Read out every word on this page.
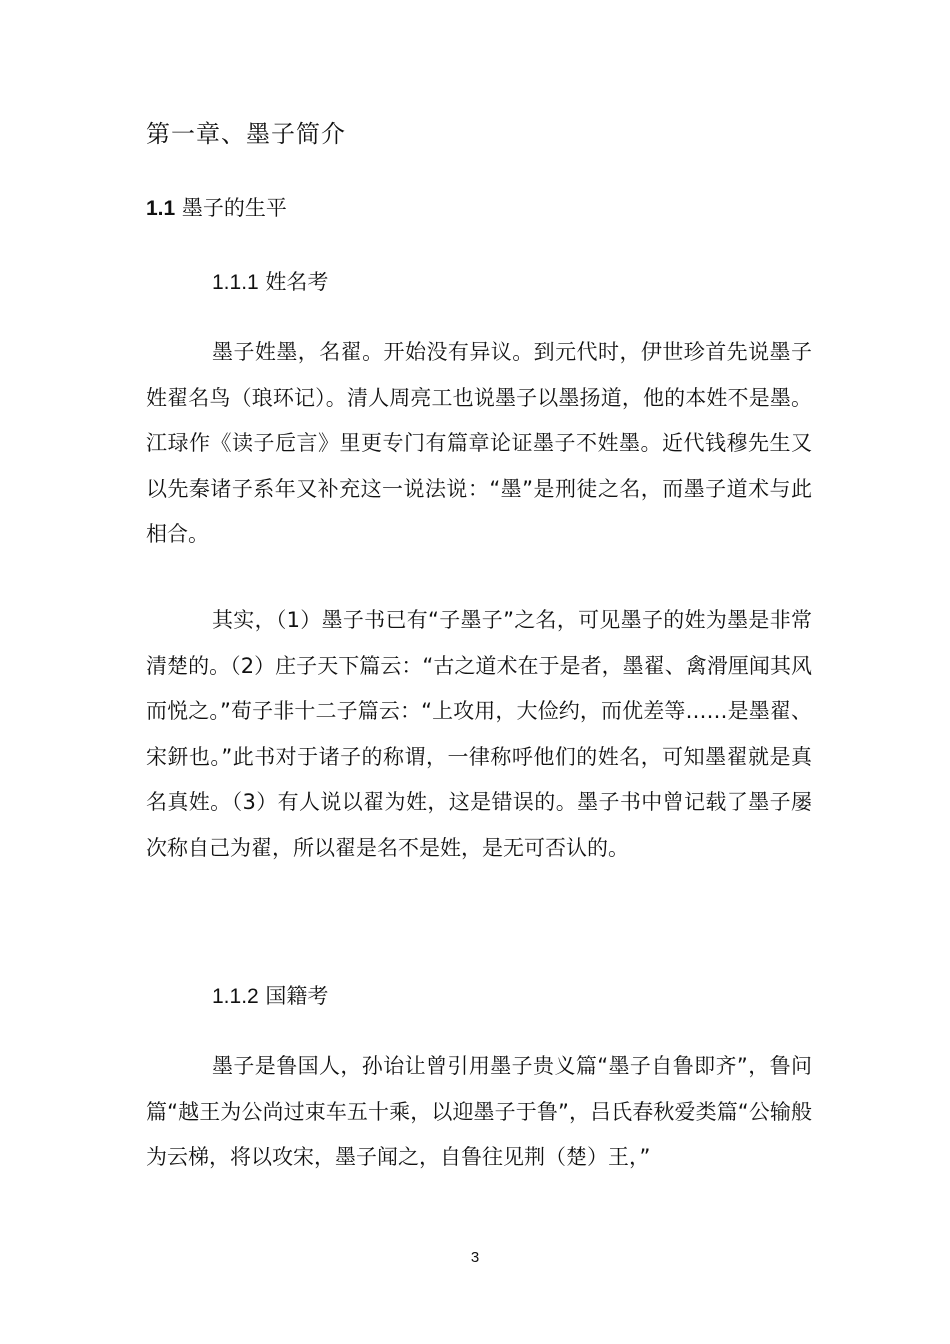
第一章、墨子简介
1.1 墨子的生平
1.1.1 姓名考

墨子姓墨，名翟。开始没有异议。到元代时，伊世珍首先说墨子姓翟名鸟（琅环记）。清人周亮工也说墨子以墨扬道，他的本姓不是墨。江琭作《读子卮言》里更专门有篇章论证墨子不姓墨。近代钱穆先生又以先秦诸子系年又补充这一说法说：“墨”是刑徒之名，而墨子道术与此相合。

其实，（1）墨子书已有“子墨子”之名，可见墨子的姓为墨是非常清楚的。（2）庄子天下篇云：“古之道术在于是者，墨翟、禽滑厘闻其风而悦之。”荀子非十二子篇云：“上攻用，大俭约，而优差等……是墨翟、宋鈃也。”此书对于诸子的称谓，一律称呼他们的姓名，可知墨翟就是真名真姓。（3）有人说以翟为姓，这是错误的。墨子书中曾记载了墨子屡次称自己为翟，所以翟是名不是姓，是无可否认的。

1.1.2 国籍考

墨子是鲁国人，孙诒让曾引用墨子贵义篇“墨子自鲁即齐”，鲁问篇“越王为公尚过束车五十乘，以迎墨子于鲁”，吕氏春秋爱类篇“公输般为云梯，将以攻宋，墨子闻之，自鲁往见荆（楚）王，”

3
